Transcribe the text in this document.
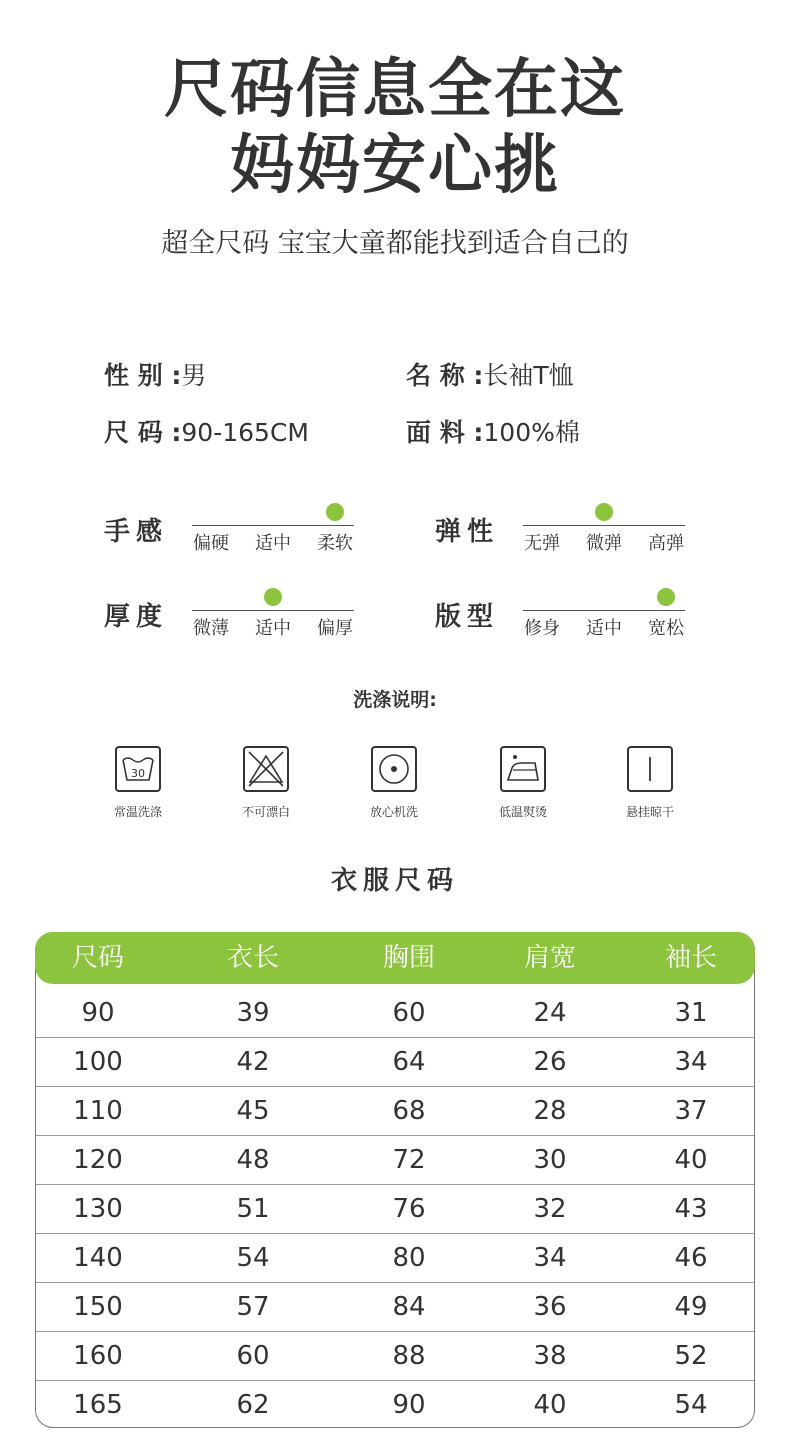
尺码信息全在这
妈妈安心挑
超全尺码 宝宝大童都能找到适合自己的
性 别 :男	名 称 :长袖T恤
尺 码 :90-165CM	面 料 :100%棉
手感	偏硬	适中	柔软	弹性	无弹	微弹	高弹
厚度	微薄	适中	偏厚	版型	修身	适中	宽松
洗涤说明:
30
常温洗涤	不可漂白	放心机洗	低温熨烫	悬挂晾干
衣服尺码
尺码	衣长	胸围	肩宽	袖长
90	39	60	24	31
100	42	64	26	34
110	45	68	28	37
120	48	72	30	40
130	51	76	32	43
140	54	80	34	46
150	57	84	36	49
160	60	88	38	52
165	62	90	40	54
